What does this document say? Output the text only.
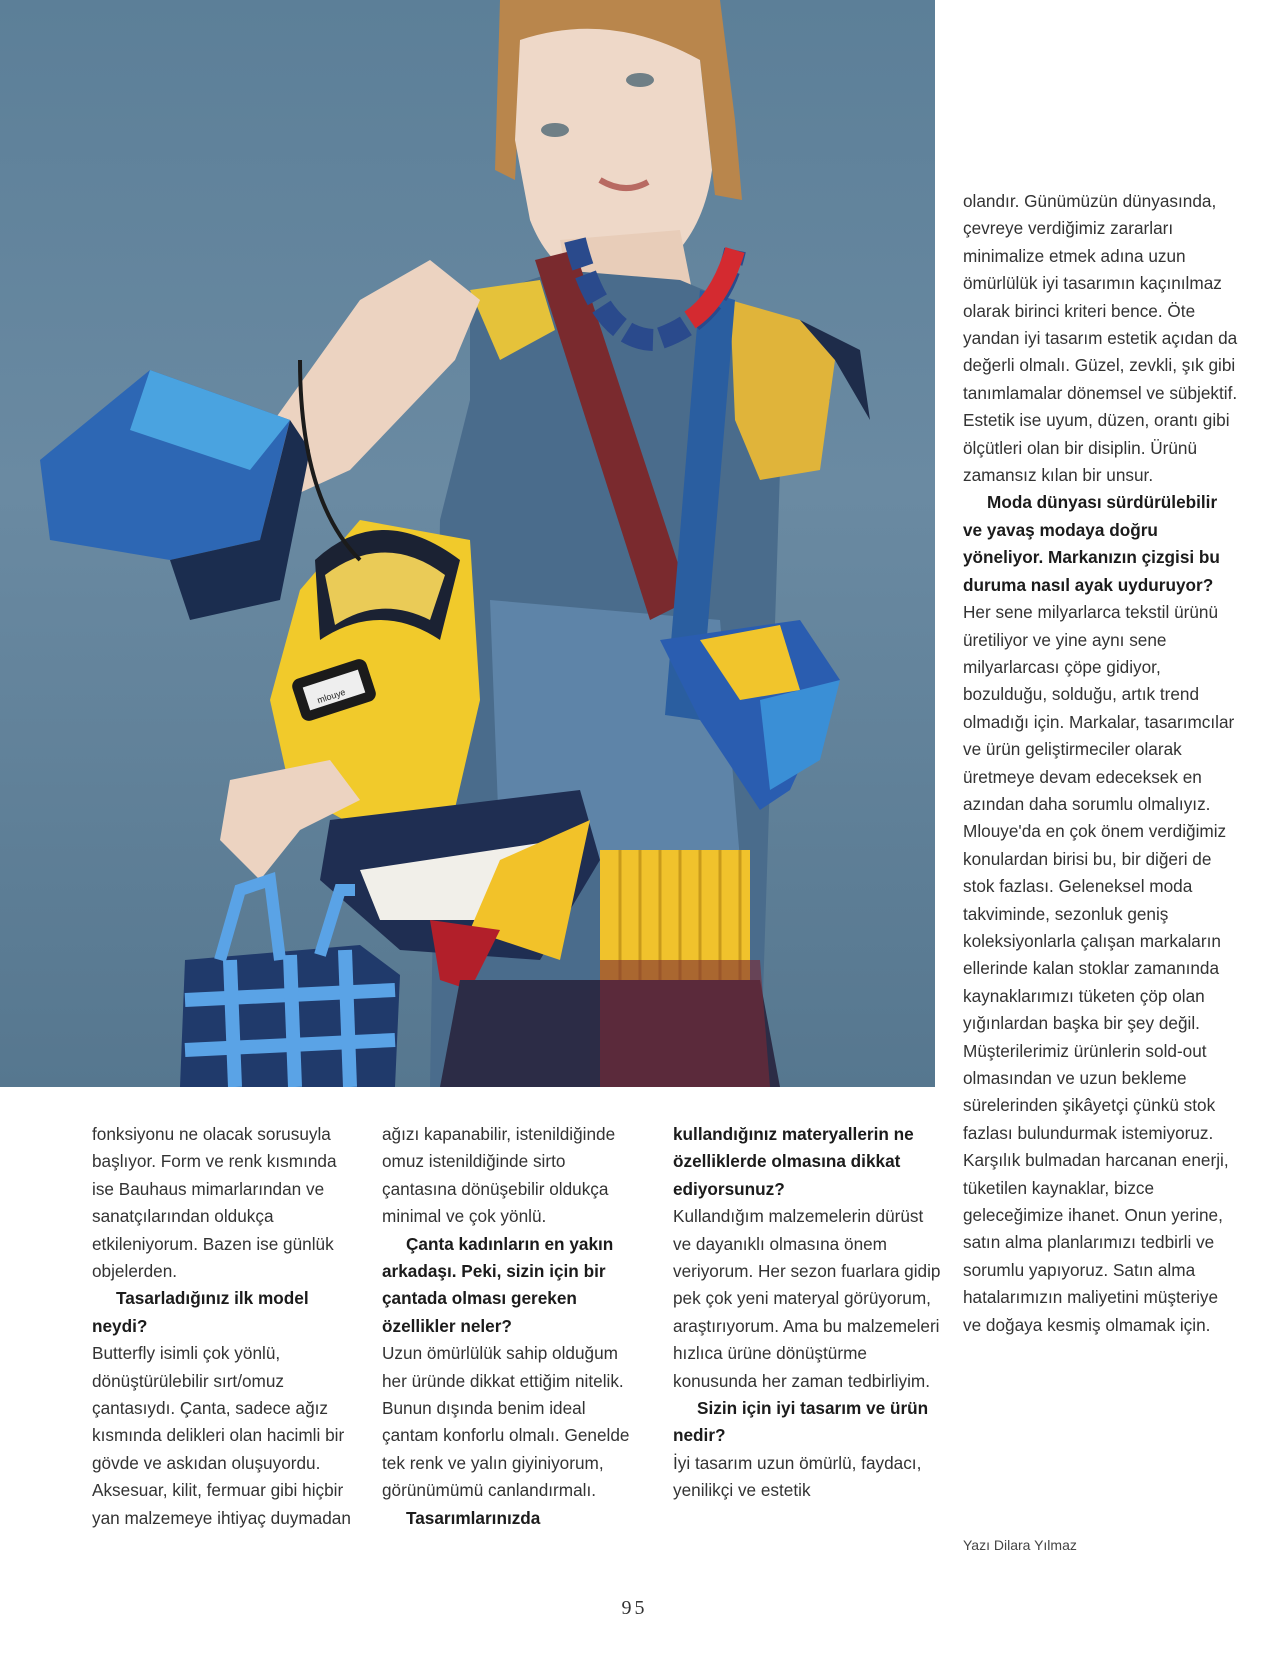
mlouye

fonksiyonu ne olacak sorusuyla başlıyor. Form ve renk kısmında ise Bauhaus mimarlarından ve sanatçılarından oldukça etkileniyorum. Bazen ise günlük objelerden.

Tasarladığınız ilk model neydi?

Butterfly isimli çok yönlü, dönüştürülebilir sırt/omuz çantasıydı. Çanta, sadece ağız kısmında delikleri olan hacimli bir gövde ve askıdan oluşuyordu. Aksesuar, kilit, fermuar gibi hiçbir yan malzemeye ihtiyaç duymadan

ağızı kapanabilir, istenildiğinde omuz istenildiğinde sirto çantasına dönüşebilir oldukça minimal ve çok yönlü.

Çanta kadınların en yakın arkadaşı. Peki, sizin için bir çantada olması gereken özellikler neler?

Uzun ömürlülük sahip olduğum her üründe dikkat ettiğim nitelik. Bunun dışında benim ideal çantam konforlu olmalı. Genelde tek renk ve yalın giyiniyorum, görünümümü canlandırmalı.

Tasarımlarınızda

kullandığınız materyallerin ne özelliklerde olmasına dikkat ediyorsunuz?

Kullandığım malzemelerin dürüst ve dayanıklı olmasına önem veriyorum. Her sezon fuarlara gidip pek çok yeni materyal görüyorum, araştırıyorum. Ama bu malzemeleri hızlıca ürüne dönüştürme konusunda her zaman tedbirliyim.

Sizin için iyi tasarım ve ürün nedir?

İyi tasarım uzun ömürlü, faydacı, yenilikçi ve estetik

olandır. Günümüzün dünyasında, çevreye verdiğimiz zararları minimalize etmek adına uzun ömürlülük iyi tasarımın kaçınılmaz olarak birinci kriteri bence. Öte yandan iyi tasarım estetik açıdan da değerli olmalı. Güzel, zevkli, şık gibi tanımlamalar dönemsel ve sübjektif. Estetik ise uyum, düzen, orantı gibi ölçütleri olan bir disiplin. Ürünü zamansız kılan bir unsur.

Moda dünyası sürdürülebilir ve yavaş modaya doğru yöneliyor. Markanızın çizgisi bu duruma nasıl ayak uyduruyor?

Her sene milyarlarca tekstil ürünü üretiliyor ve yine aynı sene milyarlarcası çöpe gidiyor, bozulduğu, solduğu, artık trend olmadığı için. Markalar, tasarımcılar ve ürün geliştirmeciler olarak üretmeye devam edeceksek en azından daha sorumlu olmalıyız. Mlouye'da en çok önem verdiğimiz konulardan birisi bu, bir diğeri de stok fazlası. Geleneksel moda takviminde, sezonluk geniş koleksiyonlarla çalışan markaların ellerinde kalan stoklar zamanında kaynaklarımızı tüketen çöp olan yığınlardan başka bir şey değil. Müşterilerimiz ürünlerin sold-out olmasından ve uzun bekleme sürelerinden şikâyetçi çünkü stok fazlası bulundurmak istemiyoruz. Karşılık bulmadan harcanan enerji, tüketilen kaynaklar, bizce geleceğimize ihanet. Onun yerine, satın alma planlarımızı tedbirli ve sorumlu yapıyoruz. Satın alma hatalarımızın maliyetini müşteriye ve doğaya kesmiş olmamak için.

Yazı Dilara Yılmaz
95
